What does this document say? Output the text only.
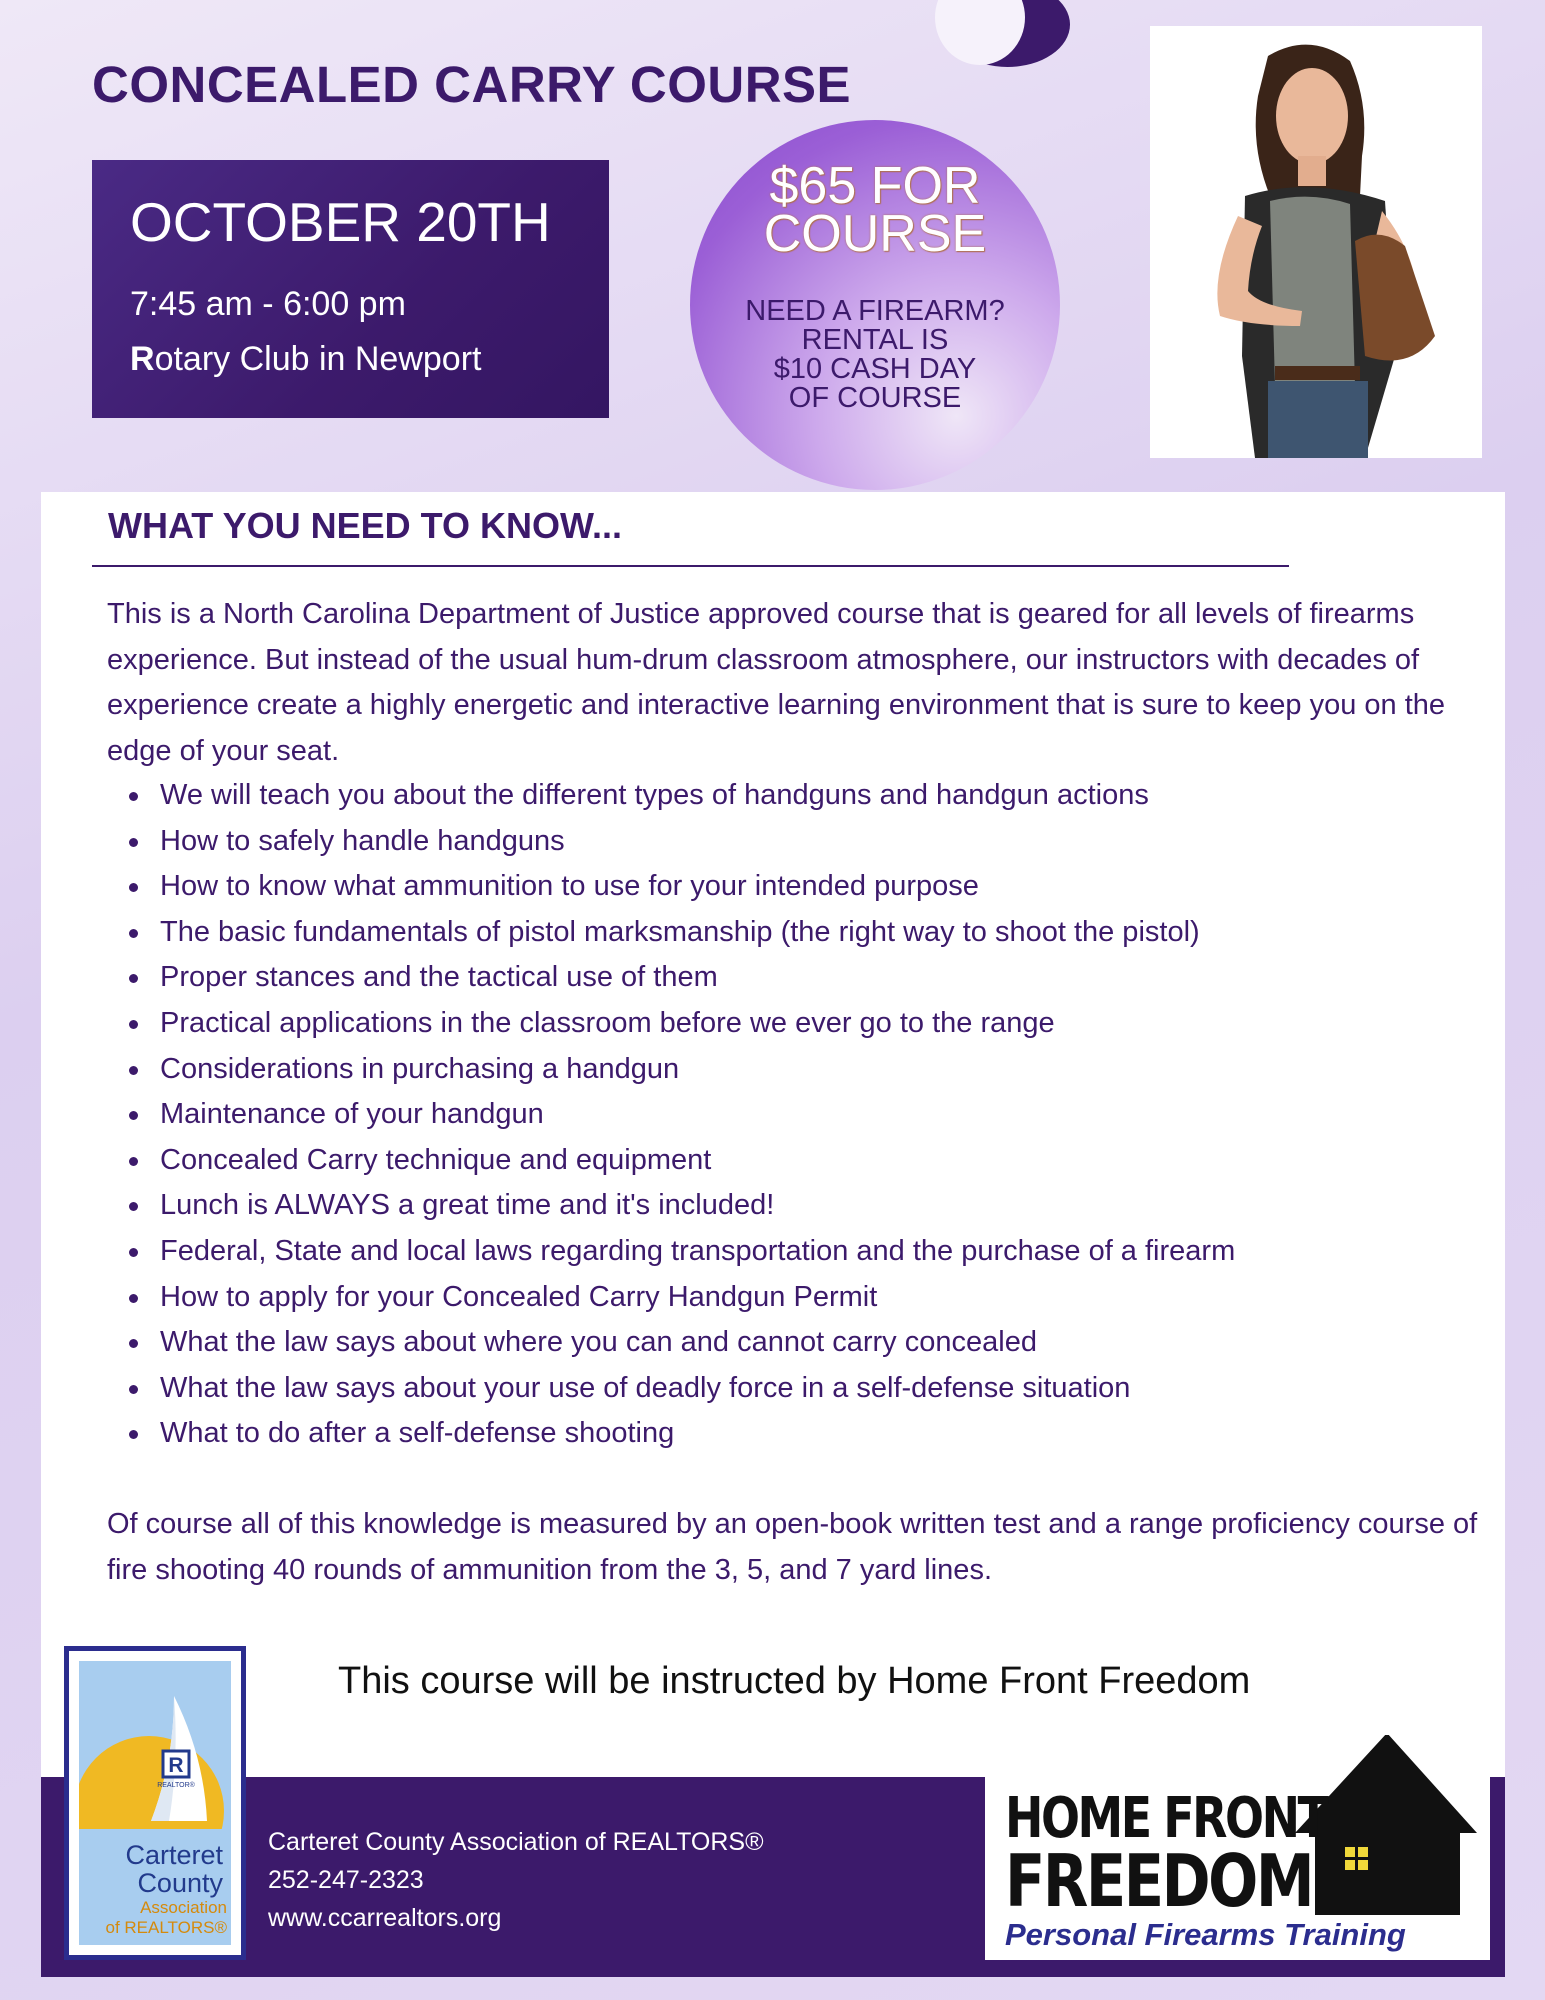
CONCEALED CARRY COURSE
OCTOBER 20TH
7:45 am - 6:00 pm
Rotary Club in Newport
$65 FOR
COURSE
NEED A FIREARM?
RENTAL IS
$10 CASH DAY
OF COURSE
WHAT YOU NEED TO KNOW...

This is a North Carolina Department of Justice approved course that is geared for all levels of firearms experience. But instead of the usual hum-drum classroom atmosphere, our instructors with decades of experience create a highly energetic and interactive learning environment that is sure to keep you on the edge of your seat.

We will teach you about the different types of handguns and handgun actions
How to safely handle handguns
How to know what ammunition to use for your intended purpose
The basic fundamentals of pistol marksmanship (the right way to shoot the pistol)
Proper stances and the tactical use of them
Practical applications in the classroom before we ever go to the range
Considerations in purchasing a handgun
Maintenance of your handgun
Concealed Carry technique and equipment
Lunch is ALWAYS a great time and it's included!
Federal, State and local laws regarding transportation and the purchase of a firearm
How to apply for your Concealed Carry Handgun Permit
What the law says about where you can and cannot carry concealed
What the law says about your use of deadly force in a self-defense situation
What to do after a self-defense shooting

Of course all of this knowledge is measured by an open-book written test and a range proficiency course of fire shooting 40 rounds of ammunition from the 3, 5, and 7 yard lines.

This course will be instructed by Home Front Freedom
Carteret County Association of REALTORS®
252-247-2323
www.ccarrealtors.org
R
REALTOR®
Carteret
County
Association
of REALTORS®
HOME FRONT
FREEDOM
Personal Firearms Training
